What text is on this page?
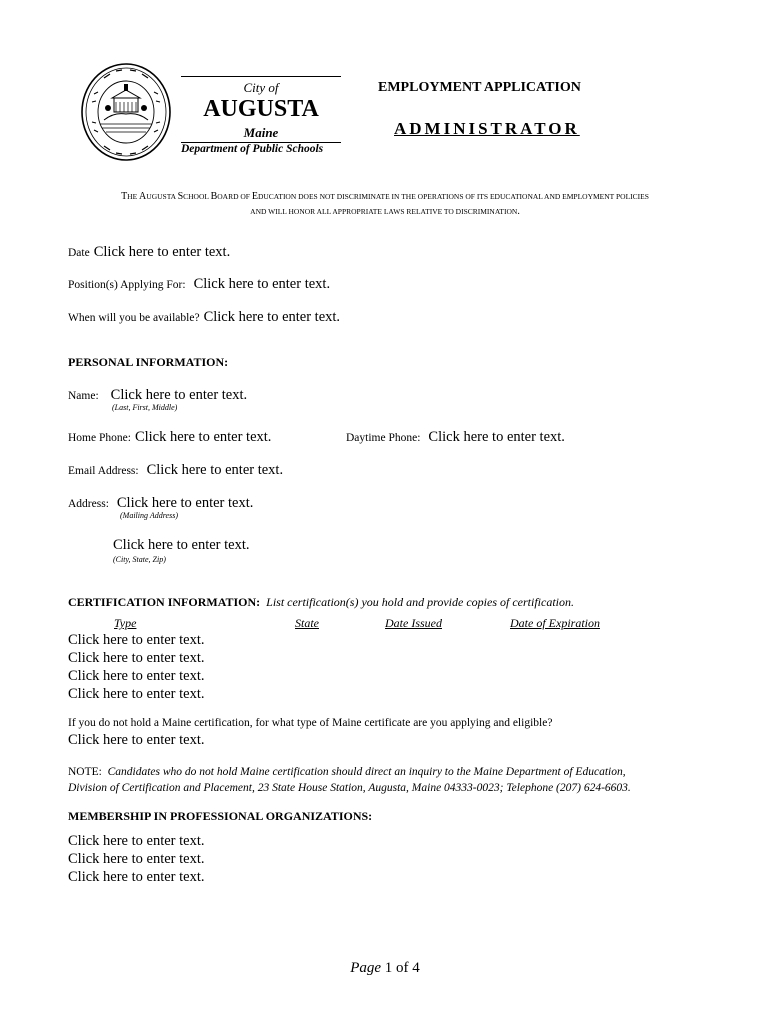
City of
AUGUSTA
Maine
Department of Public Schools
EMPLOYMENT APPLICATION
ADMINISTRATOR
THE AUGUSTA SCHOOL BOARD OF EDUCATION DOES NOT DISCRIMINATE IN THE OPERATIONS OF ITS EDUCATIONAL AND EMPLOYMENT POLICIES
AND WILL HONOR ALL APPROPRIATE LAWS RELATIVE TO DISCRIMINATION.
Date Click here to enter text.
Position(s) Applying For: Click here to enter text.
When will you be available? Click here to enter text.
PERSONAL INFORMATION:
Name: Click here to enter text.
(Last, First, Middle)
Home Phone: Click here to enter text.	Daytime Phone: Click here to enter text.
Email Address: Click here to enter text.
Address: Click here to enter text.
(Mailing Address)
Click here to enter text.
(City, State, Zip)
CERTIFICATION INFORMATION: List certification(s) you hold and provide copies of certification.
Type	State	Date Issued	Date of Expiration
Click here to enter text.
Click here to enter text.
Click here to enter text.
Click here to enter text.
If you do not hold a Maine certification, for what type of Maine certificate are you applying and eligible?
Click here to enter text.
NOTE: Candidates who do not hold Maine certification should direct an inquiry to the Maine Department of Education,
Division of Certification and Placement, 23 State House Station, Augusta, Maine 04333-0023; Telephone (207) 624-6603.
MEMBERSHIP IN PROFESSIONAL ORGANIZATIONS:
Click here to enter text.
Click here to enter text.
Click here to enter text.
Page 1 of 4
